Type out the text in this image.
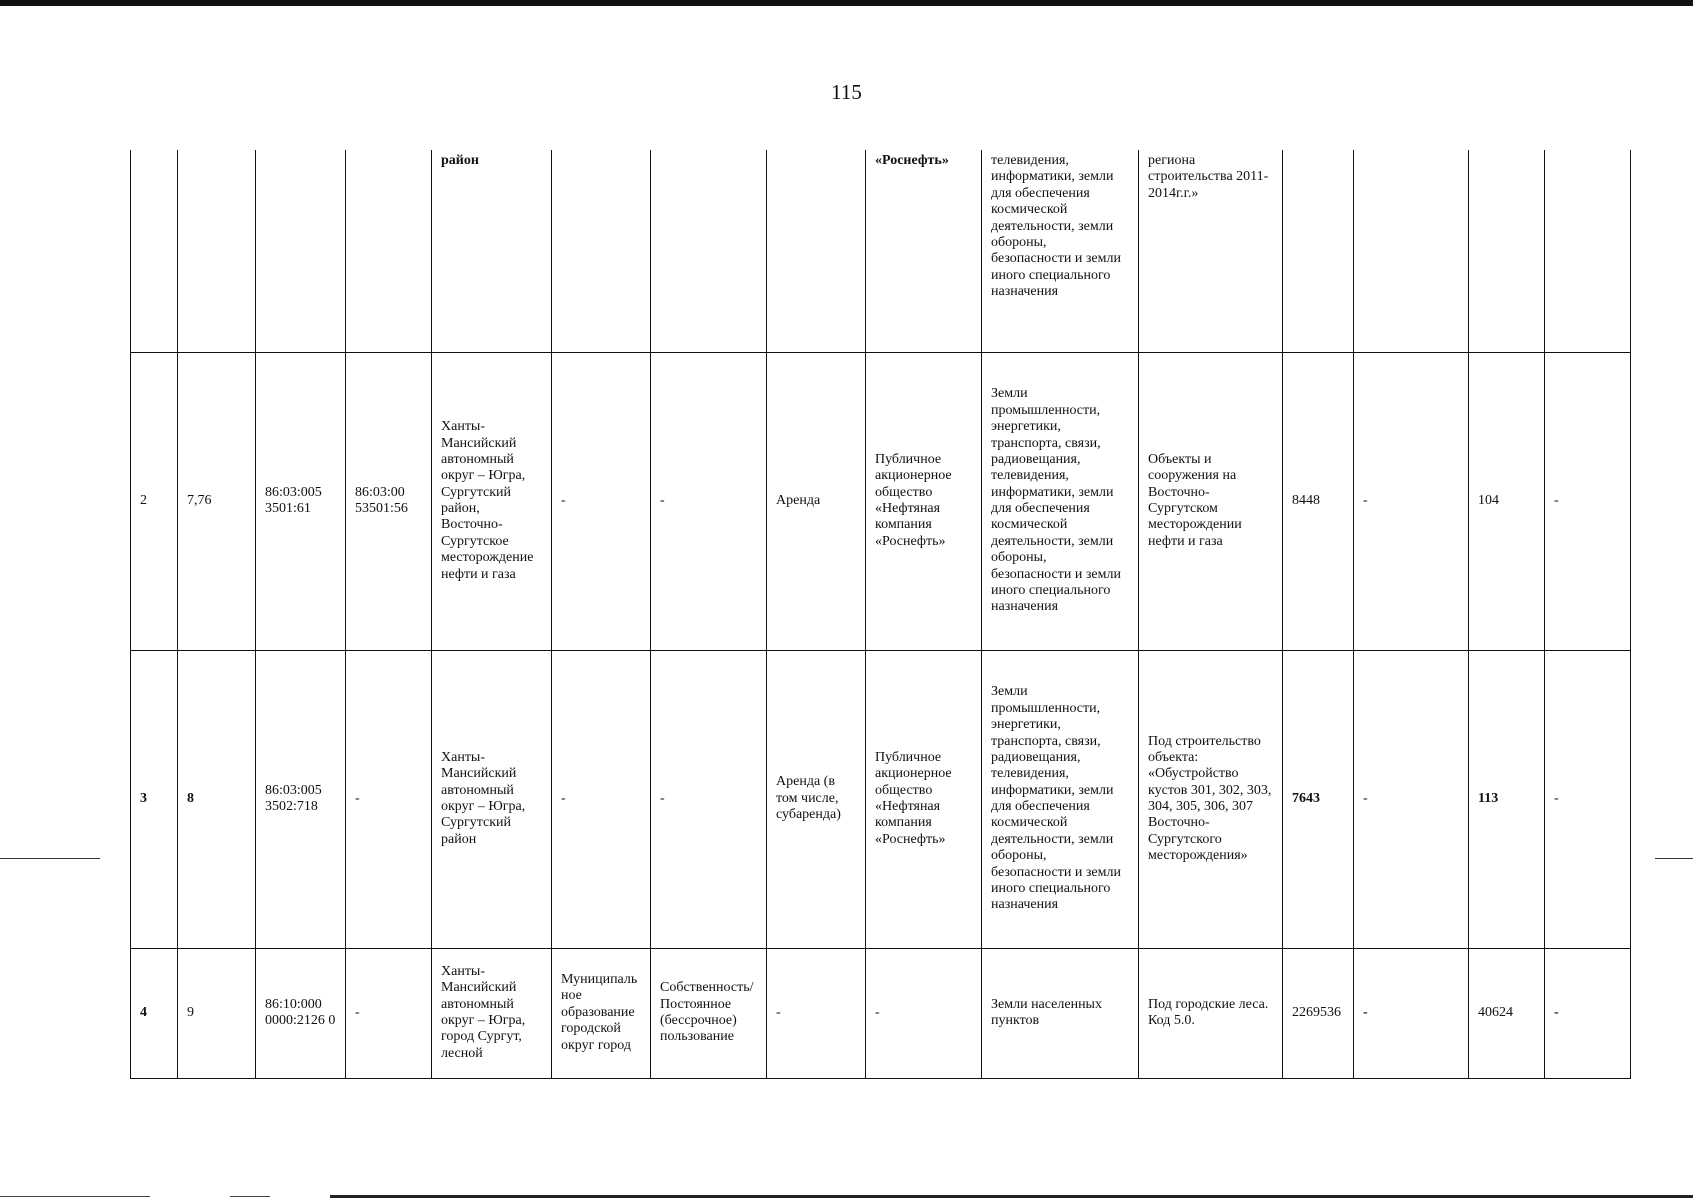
115
				район				«Роснефть»	телевидения, информатики, земли для обеспечения космической деятельности, земли обороны, безопасности и земли иного специального назначения	региона строительства 2011-2014г.г.»				
2	7,76	86:03:005 3501:61	86:03:00 53501:56	Ханты-Мансийский автономный округ – Югра, Сургутский район, Восточно-Сургутское месторождение нефти и газа	-	-	Аренда	Публичное акционерное общество «Нефтяная компания «Роснефть»	Земли промышленности, энергетики, транспорта, связи, радиовещания, телевидения, информатики, земли для обеспечения космической деятельности, земли обороны, безопасности и земли иного специального назначения	Объекты и сооружения на Восточно-Сургутском месторождении нефти и газа	8448	-	104	-
3	8	86:03:005 3502:718	-	Ханты-Мансийский автономный округ – Югра, Сургутский район	-	-	Аренда (в том числе, субаренда)	Публичное акционерное общество «Нефтяная компания «Роснефть»	Земли промышленности, энергетики, транспорта, связи, радиовещания, телевидения, информатики, земли для обеспечения космической деятельности, земли обороны, безопасности и земли иного специального назначения	Под строительство объекта: «Обустройство кустов 301, 302, 303, 304, 305, 306, 307 Восточно-Сургутского месторождения»	7643	-	113	-
4	9	86:10:000 0000:2126 0	-	Ханты-Мансийский автономный округ – Югра, город Сургут, лесной	Муниципальное образование городской округ город	Собственность/ Постоянное (бессрочное) пользование	-	-	Земли населенных пунктов	Под городские леса. Код 5.0.	2269536	-	40624	-
